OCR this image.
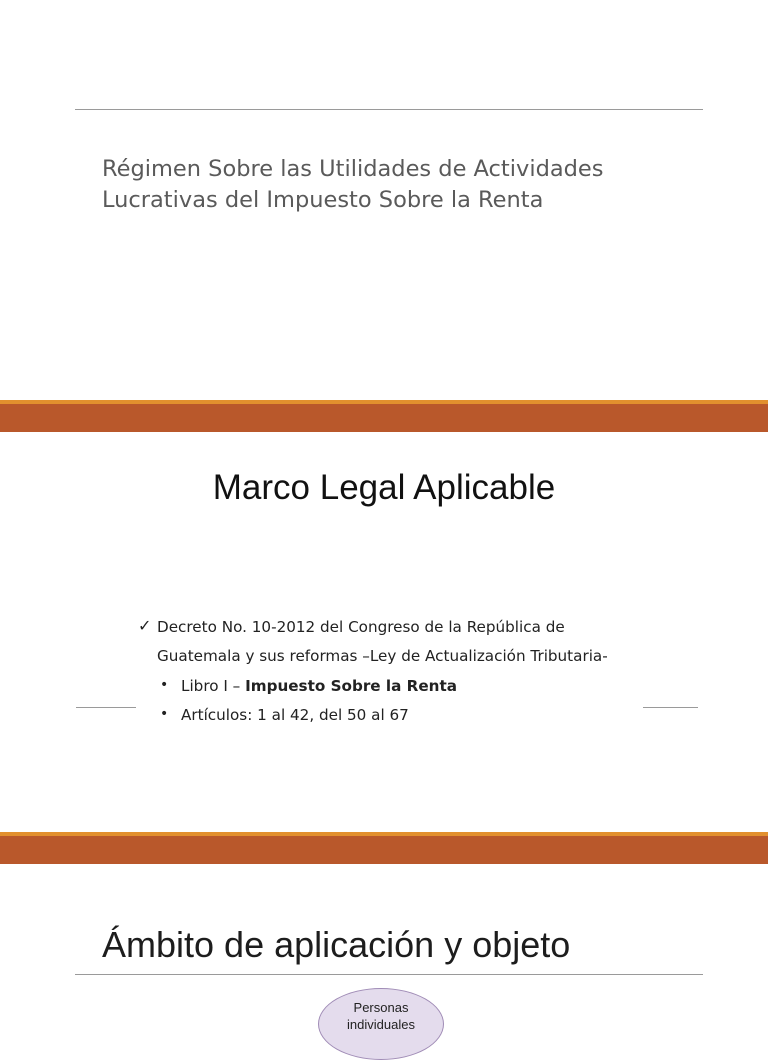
Régimen Sobre las Utilidades de Actividades
Lucrativas del Impuesto Sobre la Renta
Marco Legal Aplicable
✓ Decreto No. 10-2012 del Congreso de la República de
Guatemala y sus reformas –Ley de Actualización Tributaria-
• Libro I – Impuesto Sobre la Renta
• Artículos: 1 al 42, del 50 al 67
Ámbito de aplicación y objeto
Personas
individuales
